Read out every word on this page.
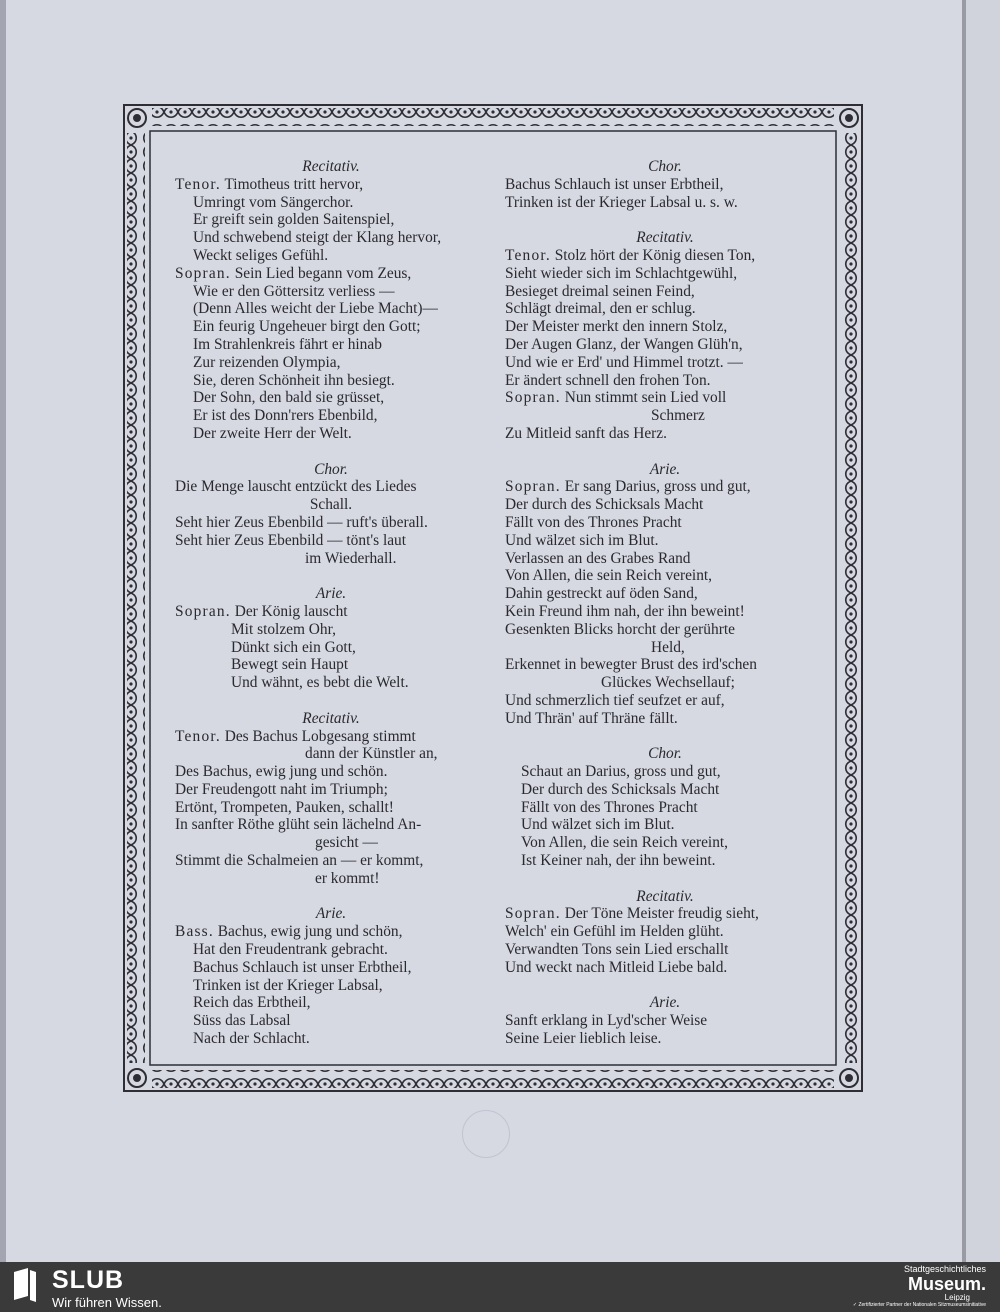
Recitativ.
Tenor. Timotheus tritt hervor,
Umringt vom Sängerchor.
Er greift sein golden Saitenspiel,
Und schwebend steigt der Klang hervor,
Weckt seliges Gefühl.
Sopran. Sein Lied begann vom Zeus,
Wie er den Göttersitz verliess —
(Denn Alles weicht der Liebe Macht)—
Ein feurig Ungeheuer birgt den Gott;
Im Strahlenkreis fährt er hinab
Zur reizenden Olympia,
Sie, deren Schönheit ihn besiegt.
Der Sohn, den bald sie grüsset,
Er ist des Donn'rers Ebenbild,
Der zweite Herr der Welt.
Chor.
Die Menge lauscht entzückt des Liedes
Schall.
Seht hier Zeus Ebenbild — ruft's überall.
Seht hier Zeus Ebenbild — tönt's laut
im Wiederhall.
Arie.
Sopran. Der König lauscht
Mit stolzem Ohr,
Dünkt sich ein Gott,
Bewegt sein Haupt
Und wähnt, es bebt die Welt.
Recitativ.
Tenor. Des Bachus Lobgesang stimmt
dann der Künstler an,
Des Bachus, ewig jung und schön.
Der Freudengott naht im Triumph;
Ertönt, Trompeten, Pauken, schallt!
In sanfter Röthe glüht sein lächelnd An-
gesicht —
Stimmt die Schalmeien an — er kommt,
er kommt!
Arie.
Bass. Bachus, ewig jung und schön,
Hat den Freudentrank gebracht.
Bachus Schlauch ist unser Erbtheil,
Trinken ist der Krieger Labsal,
Reich das Erbtheil,
Süss das Labsal
Nach der Schlacht.
Chor.
Bachus Schlauch ist unser Erbtheil,
Trinken ist der Krieger Labsal u. s. w.
Recitativ.
Tenor. Stolz hört der König diesen Ton,
Sieht wieder sich im Schlachtgewühl,
Besieget dreimal seinen Feind,
Schlägt dreimal, den er schlug.
Der Meister merkt den innern Stolz,
Der Augen Glanz, der Wangen Glüh'n,
Und wie er Erd' und Himmel trotzt. —
Er ändert schnell den frohen Ton.
Sopran. Nun stimmt sein Lied voll
Schmerz
Zu Mitleid sanft das Herz.
Arie.
Sopran. Er sang Darius, gross und gut,
Der durch des Schicksals Macht
Fällt von des Thrones Pracht
Und wälzet sich im Blut.
Verlassen an des Grabes Rand
Von Allen, die sein Reich vereint,
Dahin gestreckt auf öden Sand,
Kein Freund ihm nah, der ihn beweint!
Gesenkten Blicks horcht der gerührte
Held,
Erkennet in bewegter Brust des ird'schen
Glückes Wechsellauf;
Und schmerzlich tief seufzet er auf,
Und Thrän' auf Thräne fällt.
Chor.
Schaut an Darius, gross und gut,
Der durch des Schicksals Macht
Fällt von des Thrones Pracht
Und wälzet sich im Blut.
Von Allen, die sein Reich vereint,
Ist Keiner nah, der ihn beweint.
Recitativ.
Sopran. Der Töne Meister freudig sieht,
Welch' ein Gefühl im Helden glüht.
Verwandten Tons sein Lied erschallt
Und weckt nach Mitleid Liebe bald.
Arie.
Sanft erklang in Lyd'scher Weise
Seine Leier lieblich leise.
SLUB
Wir führen Wissen.
Stadtgeschichtliches
Museum.
Leipzig
✓ Zertifizierter Partner der Nationalen Sitzmuseumsinitiative
